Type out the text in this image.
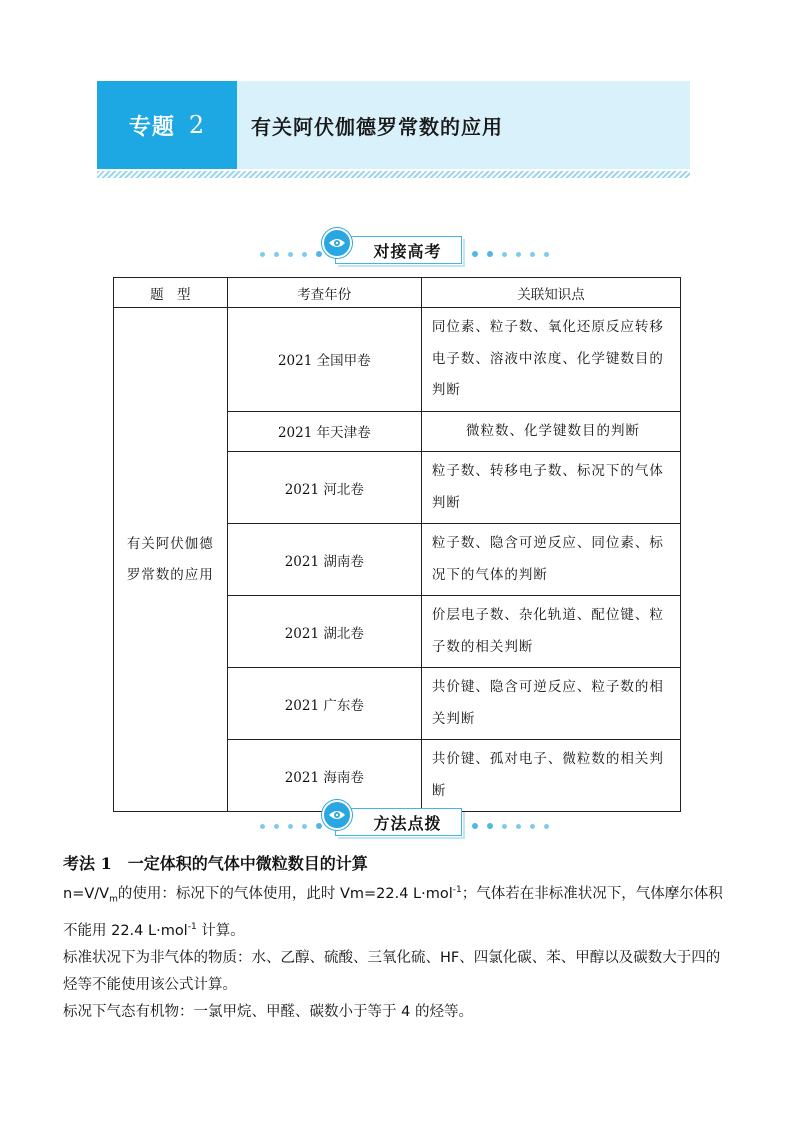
专题 2 有关阿伏伽德罗常数的应用
对接高考
题　型	考查年份	关联知识点
有关阿伏伽德罗常数的应用	2021 全国甲卷	同位素、粒子数、氧化还原反应转移电子数、溶液中浓度、化学键数目的判断
	2021 年天津卷	微粒数、化学键数目的判断
	2021 河北卷	粒子数、转移电子数、标况下的气体判断
	2021 湖南卷	粒子数、隐含可逆反应、同位素、标况下的气体的判断
	2021 湖北卷	价层电子数、杂化轨道、配位键、粒子数的相关判断
	2021 广东卷	共价键、隐含可逆反应、粒子数的相关判断
	2021 海南卷	共价键、孤对电子、微粒数的相关判断
方法点拨
考法 1　一定体积的气体中微粒数目的计算
$n=V/V_m$的使用：标况下的气体使用，此时 Vm=22.4 L·mol$^{-1}$；气体若在非标准状况下，气体摩尔体积不能用 22.4 L·mol$^{-1}$ 计算。
标准状况下为非气体的物质：水、乙醇、硫酸、三氧化硫、HF、四氯化碳、苯、甲醇以及碳数大于四的烃等不能使用该公式计算。
标况下气态有机物：一氯甲烷、甲醛、碳数小于等于 4 的烃等。
